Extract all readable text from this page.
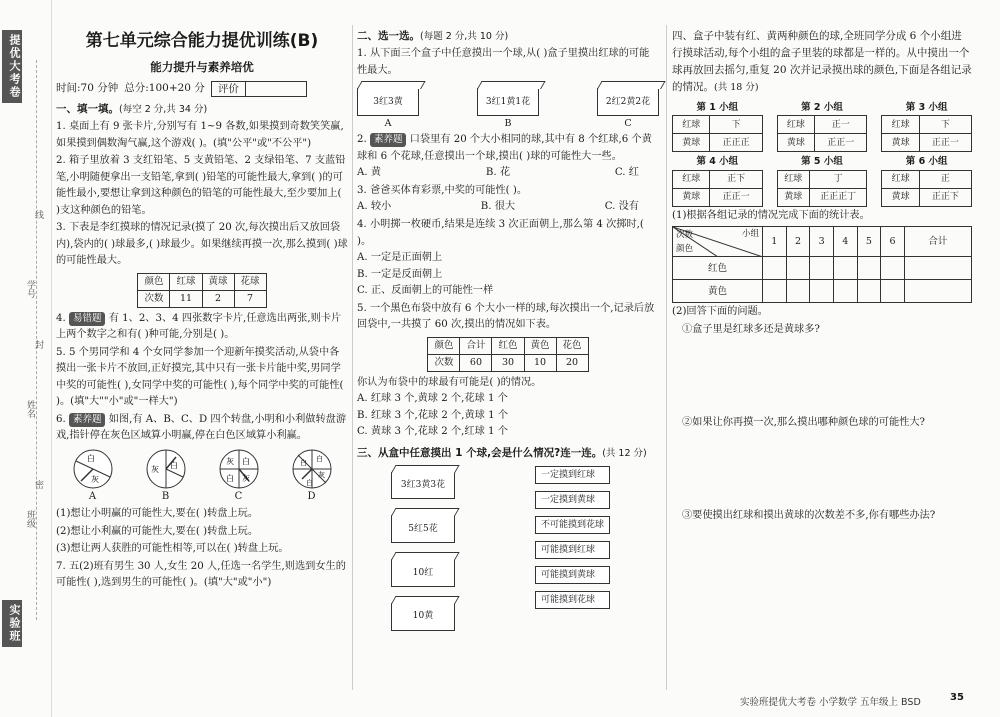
提优大考卷
实验班
学号
线
封
姓名
密
班级
第七单元综合能力提优训练(B)
能力提升与素养培优
时间:70 分钟 总分:100+20 分	评价
一、填一填。(每空 2 分,共 34 分)
1. 桌面上有 9 张卡片,分别写有 1~9 各数,如果摸到奇数笑笑赢,如果摸到偶数淘气赢,这个游戏( )。(填"公平"或"不公平")
2. 箱子里放着 3 支红铅笔、5 支黄铅笔、2 支绿铅笔、7 支蓝铅笔,小明随便拿出一支铅笔,拿到( )铅笔的可能性最大,拿到( )的可能性最小,要想让拿到这种颜色的铅笔的可能性最大,至少要加上( )支这种颜色的铅笔。
3. 下表是李红摸球的情况记录(摸了 20 次,每次摸出后又放回袋内),袋内的( )球最多,( )球最少。如果继续再摸一次,那么摸到( )球的可能性最大。
颜色	红球	黄球	花球
次数	11	2	7
4. 易错题 有 1、2、3、4 四张数字卡片,任意选出两张,则卡片上两个数字之和有( )种可能,分别是( )。
5. 5 个男同学和 4 个女同学参加一个迎新年摸奖活动,从袋中各摸出一张卡片不放回,正好摸完,其中只有一张卡片能中奖,男同学中奖的可能性( ),女同学中奖的可能性( ),每个同学中奖的可能性( )。(填"大""小"或"一样大")
6. 素养题 如图,有 A、B、C、D 四个转盘,小明和小利做转盘游戏,指针停在灰色区域算小明赢,停在白色区域算小利赢。
白
灰
A
灰 白
B
灰 白
白 灰
C
白 白
灰
白
D
(1)想让小明赢的可能性大,要在( )转盘上玩。
(2)想让小利赢的可能性大,要在( )转盘上玩。
(3)想让两人获胜的可能性相等,可以在( )转盘上玩。
7. 五(2)班有男生 30 人,女生 20 人,任选一名学生,则选到女生的可能性( ),选到男生的可能性( )。(填"大"或"小")
二、选一选。(每题 2 分,共 10 分)
1. 从下面三个盒子中任意摸出一个球,从( )盒子里摸出红球的可能性最大。
3红3黄
A
3红1黄1花
B
2红2黄2花
C
2. 素养题 口袋里有 20 个大小相同的球,其中有 8 个红球,6 个黄球和 6 个花球,任意摸出一个球,摸出( )球的可能性大一些。
A. 黄	B. 花	C. 红
3. 爸爸买体育彩票,中奖的可能性( )。
A. 较小	B. 很大	C. 没有
4. 小明掷一枚硬币,结果是连续 3 次正面朝上,那么第 4 次掷时,( )。
A. 一定是正面朝上
B. 一定是反面朝上
C. 正、反面朝上的可能性一样
5. 一个黑色布袋中放有 6 个大小一样的球,每次摸出一个,记录后放回袋中,一共摸了 60 次,摸出的情况如下表。
颜色	合计	红色	黄色	花色
次数	60	30	10	20
你认为布袋中的球最有可能是( )的情况。
A. 红球 3 个,黄球 2 个,花球 1 个
B. 红球 3 个,花球 2 个,黄球 1 个
C. 黄球 3 个,花球 2 个,红球 1 个
三、从盒中任意摸出 1 个球,会是什么情况?连一连。(共 12 分)
3红3黄3花
5红5花
10红
10黄
一定摸到红球
一定摸到黄球
不可能摸到花球
可能摸到红球
可能摸到黄球
可能摸到花球
四、盒子中装有红、黄两种颜色的球,全班同学分成 6 个小组进行摸球活动,每个小组的盒子里装的球都是一样的。从中摸出一个球再放回去摇匀,重复 20 次并记录摸出球的颜色,下面是各组记录的情况。(共 18 分)
第 1 小组
红球	下
黄球	正正正
第 2 小组
红球	正一
黄球	正正一
第 3 小组
红球	下
黄球	正正一
第 4 小组
红球	正下
黄球	正正一
第 5 小组
红球	丁
黄球	正正正丁
第 6 小组
红球	正
黄球	正正下
(1)根据各组记录的情况完成下面的统计表。
小组
次数
颜色	1	2	3	4	5	6	合计
红色							
黄色							
(2)回答下面的问题。
①盒子里是红球多还是黄球多?
②如果让你再摸一次,那么摸出哪种颜色球的可能性大?
③要使摸出红球和摸出黄球的次数差不多,你有哪些办法?
实验班提优大考卷 小学数学 五年级上 BSD	35
